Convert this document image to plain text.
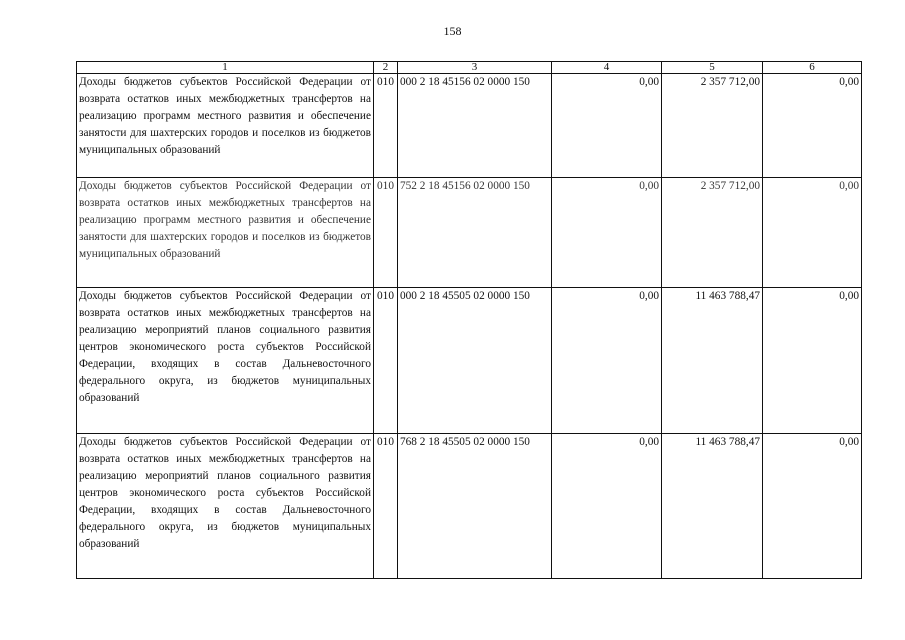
158
1	2	3	4	5	6
Доходы бюджетов субъектов Российской Федерации от возврата остатков иных межбюджетных трансфертов на реализацию программ местного развития и обеспечение занятости для шахтерских городов и поселков из бюджетов муниципальных образований	010	000 2 18 45156 02 0000 150	0,00	2 357 712,00	0,00
Доходы бюджетов субъектов Российской Федерации от возврата остатков иных межбюджетных трансфертов на реализацию программ местного развития и обеспечение занятости для шахтерских городов и поселков из бюджетов муниципальных образований	010	752 2 18 45156 02 0000 150	0,00	2 357 712,00	0,00
Доходы бюджетов субъектов Российской Федерации от возврата остатков иных межбюджетных трансфертов на реализацию мероприятий планов социального развития центров экономического роста субъектов Российской Федерации, входящих в состав Дальневосточного федерального округа, из бюджетов муниципальных образований	010	000 2 18 45505 02 0000 150	0,00	11 463 788,47	0,00
Доходы бюджетов субъектов Российской Федерации от возврата остатков иных межбюджетных трансфертов на реализацию мероприятий планов социального развития центров экономического роста субъектов Российской Федерации, входящих в состав Дальневосточного федерального округа, из бюджетов муниципальных образований	010	768 2 18 45505 02 0000 150	0,00	11 463 788,47	0,00
